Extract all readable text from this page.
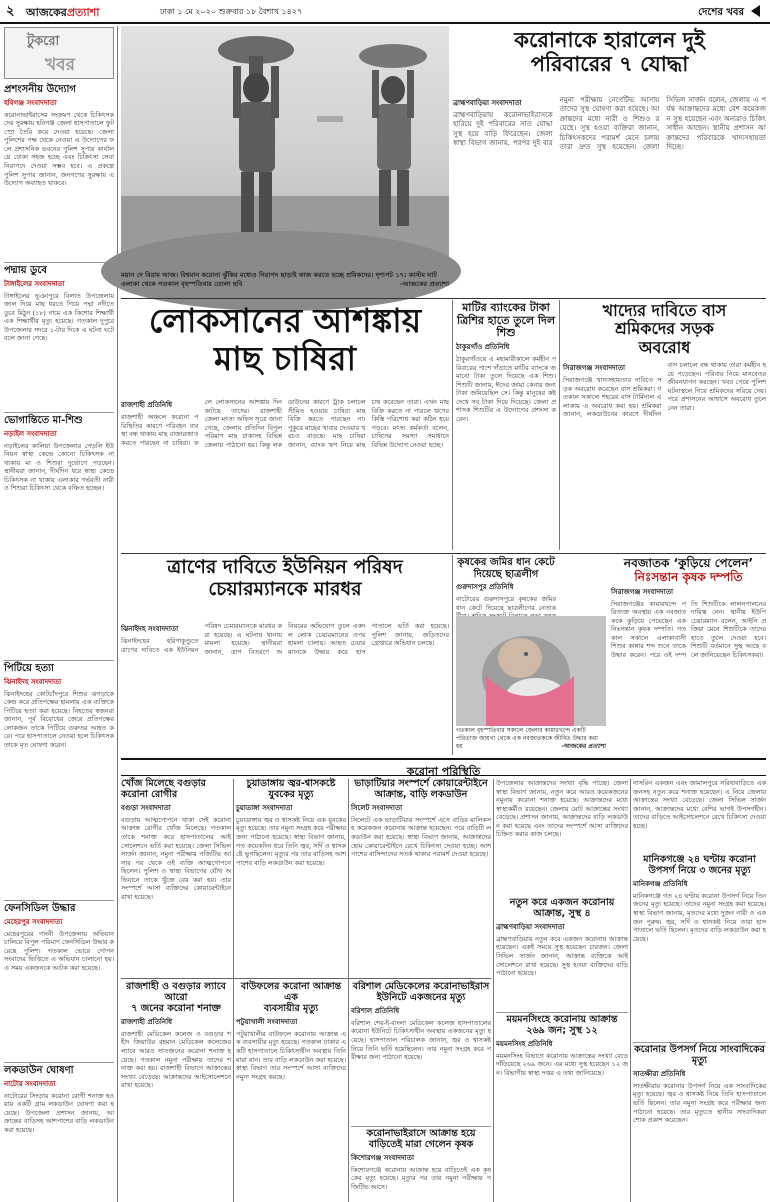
২	আজকেরপ্রত্যাশা	ঢাকা ১ মে ২০২০ শুক্রবার ১৮ বৈশাখ ১৪২৭	দেশের খবর
টুকরো
খবর
প্রশংসনীয় উদ্যোগ
হবিগঞ্জ সংবাদদাতা
করোনাভাইরাসের সংক্রমণ থেকে চিকিৎসকদের সুরক্ষায় হবিগঞ্জ জেলা হাসপাতালে ফুট স্প্রে তৈরি করে দেওয়া হয়েছে। জেলা পুলিশের পক্ষ থেকে নেওয়া এ উদ্যোগের ফলে প্রশাসনিক ভবনের পুলিশ সুপার কার্যালয়ে ঢোকা সহজ হচ্ছে এবং চিকিৎসা সেবা নিরাপদে দেওয়া সম্ভব হবে। এ প্রকল্পে পুলিশ সুপার জানান, জনগণের সুরক্ষায় এ উদ্যোগ অব্যাহত থাকবে।
পদ্মায় ডুবে
টাঙ্গাইলের সংবাদদাতা
টাঙ্গাইলের ভূঞাপুরে বিলাত উপজেলায় জাল দিয়ে মাছ ধরতে গিয়ে পদ্মা নদীতে ডুবে মিঠুন (১৮) নামে এক কিশোর শিক্ষার্থী এক শিক্ষার্থীর মৃত্যু হয়েছে। গতকাল দুপুরে উপজেলার সদরে ১-টার দিকে এ ঘটনা ঘটে বলে জানা গেছে।
ভোগান্তিতে মা-শিশু
নড়াইল সংবাদদাতা
নড়াইলের কালিয়া উপজেলার পেড়লি ইউনিয়ন স্বাস্থ্য কেন্দ্রে কোনো চিকিৎসক না থাকায় মা ও শিশুরা দুর্ভোগে পড়ছেন। স্থানীয়রা জানান, দীর্ঘদিন ধরে স্বাস্থ্য কেন্দ্রে চিকিৎসক না থাকায় এলাকার গর্ভবতী নারী ও শিশুরা চিকিৎসা থেকে বঞ্চিত হচ্ছেন।
পিটিয়ে হত্যা
ঝিনাইদহ সংবাদদাতা
ঝিনাইদহের কোটচাঁদপুরে শিশুর ঝগড়াকে কেন্দ্র করে প্রতিপক্ষের হামলায় এক ব্যক্তিকে পিটিয়ে হত্যা করা হয়েছে। নিহতের স্বজনরা জানান, পূর্ব বিরোধের জেরে প্রতিপক্ষের লোকজন তাকে পিটিয়ে গুরুতর আহত করে। পরে হাসপাতালে নেওয়া হলে চিকিৎসক তাকে মৃত ঘোষণা করেন।
ফেনসিডিল উদ্ধার
মেহেরপুর সংবাদদাতা
মেহেরপুরের গাংনী উপজেলায় অভিযান চালিয়ে বিপুল পরিমাণ ফেনসিডিল উদ্ধার করেছে পুলিশ। গতকাল ভোরে গোপন সংবাদের ভিত্তিতে এ অভিযান চালানো হয়। এ সময় একজনকে আটক করা হয়েছে।
লকডাউন ঘোষণা
নাটোর সংবাদদাতা
নাটোরের সিংড়ায় করোনা রোগী শনাক্ত হওয়ায় একটি গ্রাম লকডাউন ঘোষণা করা হয়েছে। উপজেলা প্রশাসন জানায়, আক্রান্তের বাড়িসহ আশপাশের বাড়ি লকডাউন করা হয়েছে।
ময়ান দে বিরাম আজ। বিশ্বমান করোনা ঝুঁকির মধ্যেও নিরাপদ ছাড়াই কাজ করতে হচ্ছে শ্রমিকদের। দৃশ্যপট ১৭: কাস্টম ঘাট এলাকা থেকে গতকাল বৃহস্পতিবার তোলা ছবি	-আজকের প্রত্যাশা
করোনাকে হারালেন দুই
পরিবারের ৭ যোদ্ধা
ব্রাহ্মণবাড়িয়া সংবাদদাতা
ব্রাহ্মণবাড়িয়ায় করোনাভাইরাসকে হারিয়ে দুই পরিবারের সাত যোদ্ধা সুস্থ হয়ে বাড়ি ফিরেছেন। জেলা স্বাস্থ্য বিভাগ জানায়, পরপর দুই বার নমুনা পরীক্ষায় নেগেটিভ আসায় তাদের সুস্থ ঘোষণা করা হয়েছে। আক্রান্তদের মধ্যে নারী ও শিশুও রয়েছে। সুস্থ হওয়া ব্যক্তিরা জানান, চিকিৎসকদের পরামর্শ মেনে চলায় তারা দ্রুত সুস্থ হয়েছেন। জেলা সিভিল সার্জন বলেন, জেলায় এ পর্যন্ত আক্রান্তদের মধ্যে বেশ কয়েকজন সুস্থ হয়েছেন এবং অন্যরাও চিকিৎসাধীন আছেন। স্থানীয় প্রশাসন আক্রান্তদের পরিবারকে খাদ্যসহায়তা দিচ্ছে।
লোকসানের আশঙ্কায়
মাছ চাষিরা
রাজশাহী প্রতিনিধি
রাজশাহী অঞ্চলে করোনা পরিস্থিতির কারণে পরিবহন ব্যবস্থা বন্ধ থাকায় মাছ বাজারজাত করতে পারছেন না চাষিরা। ফলে লোকসানের আশঙ্কায় দিন কাটছে তাদের। রাজশাহী জেলা মৎস্য অফিস সূত্রে জানা গেছে, জেলায় প্রতিদিন বিপুল পরিমাণ মাছ ঢাকাসহ বিভিন্ন জেলায় পাঠানো হয়। কিন্তু লকডাউনের কারণে ট্রাক চলাচল সীমিত হওয়ায় চাষিরা মাছ বিক্রি করতে পারছেন না। পুকুরে মাছের খাবার দেওয়ার খরচও বাড়ছে। মাছ চাষিরা জানান, ব্যাংক ঋণ নিয়ে মাছ চাষ করেছেন তারা। এখন মাছ বিক্রি করতে না পারলে ঋণের কিস্তি পরিশোধ করা কঠিন হয়ে পড়বে। মৎস্য কর্মকর্তা বলেন, চাষিদের সমস্যা সমাধানে বিভিন্ন উদ্যোগ নেওয়া হচ্ছে।
মাটির ব্যাংকের টাকা ত্রিশির হাতে তুলে দিল শিশু
ঠাকুরগাঁও প্রতিনিধি
ঠাকুরগাঁওয়ে এ মহামারীকালে কর্মহীন পরিবারের পাশে দাঁড়াতে মাটির ব্যাংকে জমানো টাকা তুলে দিয়েছে এক শিশু। শিশুটি জানায়, ঈদের জামা কেনার জন্য টাকা জমিয়েছিল সে। কিন্তু মানুষের কষ্ট দেখে সব টাকা দিয়ে দিয়েছে। জেলা প্রশাসক শিশুটির এ উদ্যোগের প্রশংসা করেন।
খাদ্যের দাবিতে বাস
শ্রমিকদের সড়ক
অবরোধ
সিরাজগঞ্জ সংবাদদাতা
সিরাজগঞ্জে খাদ্যসহায়তার দাবিতে সড়ক অবরোধ করেছেন বাস শ্রমিকরা। গতকাল সকালে শহরের বাস টার্মিনাল এলাকায় এ অবরোধ করা হয়। শ্রমিকরা জানান, লকডাউনের কারণে দীর্ঘদিন বাস চলাচল বন্ধ থাকায় তারা কর্মহীন হয়ে পড়েছেন। পরিবার নিয়ে মানবেতর জীবনযাপন করছেন। খবর পেয়ে পুলিশ ঘটনাস্থলে গিয়ে শ্রমিকদের সরিয়ে দেয়। পরে প্রশাসনের আশ্বাসে অবরোধ তুলে নেন তারা।
ত্রাণের দাবিতে ইউনিয়ন পরিষদ
চেয়ারম্যানকে মারধর
ঝিনাইদহ সংবাদদাতা
ঝিনাইদহের হরিণাকুণ্ডুতে ত্রাণের দাবিতে এক ইউনিয়ন পরিষদ চেয়ারম্যানকে মারধর করা হয়েছে। এ ঘটনায় থানায় মামলা হয়েছে। স্থানীয়রা জানান, ত্রাণ বিতরণে অনিয়মের অভিযোগ তুলে একদল লোক চেয়ারম্যানের ওপর হামলা চালায়। আহত চেয়ারম্যানকে উদ্ধার করে হাসপাতালে ভর্তি করা হয়েছে। পুলিশ জানায়, জড়িতদের গ্রেপ্তারে অভিযান চলছে।
কৃষকের জমির ধান কেটে দিয়েছে ছাত্রলীগ
গুরুদাসপুর প্রতিনিধি
নাটোরের গুরুদাসপুরে কৃষকের জমির ধান কেটে দিয়েছে ছাত্রলীগের নেতাক
গতকাল বৃহস্পতিবার সকালে জেলার কামারখন্দে একটি পরিত্যক্ত জায়গা থেকে এক নবজাতককে জীবিত উদ্ধার করা হয়	-আজকের প্রত্যাশা
নবজাতক ‘কুড়িয়ে পেলেন’
নিঃসন্তান কৃষক দম্পতি
সিরাজগঞ্জ সংবাদদাতা
সিরাজগঞ্জের কামারখন্দে পরিত্যক্ত অবস্থায় এক নবজাতককে কুড়িয়ে পেয়েছেন এক নিঃসন্তান কৃষক দম্পতি। গতকাল সকালে এলাকাবাসী শিশুর কান্নার শব্দ শুনে তাকে উদ্ধার করেন। পরে ওই দম্পতি শিশুটিকে লালনপালনের দায়িত্ব নেন। স্থানীয় ইউপি চেয়ারম্যান বলেন, আইনি প্রক্রিয়া মেনে শিশুটিকে তাদের হাতে তুলে দেওয়া হবে। শিশুটি বর্তমানে সুস্থ আছে বলে জানিয়েছেন চিকিৎসকরা।
করোনা পরিস্থিতি
খোঁজ মিলেছে বগুড়ার করোনা রোগীর
বগুড়া সংবাদদাতা
বগুড়ায় আত্মগোপনে থাকা সেই করোনা আক্রান্ত রোগীর খোঁজ মিলেছে। গতকাল তাকে শনাক্ত করে হাসপাতালের আইসোলেশনে ভর্তি করা হয়েছে। জেলা সিভিল সার্জন জানান, নমুনা পরীক্ষায় পজিটিভ আসার পর থেকে ওই ব্যক্তি আত্মগোপনে ছিলেন। পুলিশ ও স্বাস্থ্য বিভাগের যৌথ অভিযানে তাকে খুঁজে বের করা হয়। তার সংস্পর্শে আসা ব্যক্তিদের কোয়ারেন্টাইনে রাখা হয়েছে।
চুয়াডাঙ্গায় জ্বর-শ্বাসকষ্টে যুবকের মৃত্যু
চুয়াডাঙ্গা সংবাদদাতা
চুয়াডাঙ্গায় জ্বর ও শ্বাসকষ্ট নিয়ে এক যুবকের মৃত্যু হয়েছে। তার নমুনা সংগ্রহ করে পরীক্ষার জন্য পাঠানো হয়েছে। স্বাস্থ্য বিভাগ জানায়, গত কয়েকদিন ধরে তিনি জ্বর, সর্দি ও শ্বাসকষ্টে ভুগছিলেন। মৃত্যুর পর তার বাড়িসহ আশপাশের বাড়ি লকডাউন করা হয়েছে।
ভাড়াটিয়ার সংস্পর্শে কোয়ারেন্টাইনে আক্রান্ত, বাড়ি লকডাউন
সিলেট সংবাদদাতা
সিলেটে এক ভাড়াটিয়ার সংস্পর্শে এসে বাড়ির মালিকসহ কয়েকজন করোনায় আক্রান্ত হয়েছেন। পরে বাড়িটি লকডাউন করা হয়েছে। স্বাস্থ্য বিভাগ জানায়, আক্রান্তদের হোম কোয়ারেন্টাইনে রেখে চিকিৎসা দেওয়া হচ্ছে। আশপাশের বাসিন্দাদের সতর্ক থাকার পরামর্শ দেওয়া হয়েছে।
উপজেলার আক্রান্তদের সংখ্যা বৃদ্ধি পাচ্ছে। জেলা স্বাস্থ্য বিভাগ জানায়, নতুন করে আরও কয়েকজনের নমুনায় করোনা শনাক্ত হয়েছে। আক্রান্তদের মধ্যে স্বাস্থ্যকর্মীও রয়েছেন। জেলায় মোট আক্রান্তের সংখ্যা বেড়েছে। প্রশাসন জানায়, আক্রান্তদের বাড়ি লকডাউন করা হয়েছে এবং তাদের সংস্পর্শে আসা ব্যক্তিদের চিহ্নিত করার কাজ চলছে।
নাসরিন একজন এবং জামালপুরে সরিষাবাড়িতে একজনসহ নতুন করে শনাক্ত হয়েছেন। এ নিয়ে জেলায় আক্রান্তের সংখ্যা বেড়েছে। জেলা সিভিল সার্জন জানান, আক্রান্তদের মধ্যে বেশির ভাগই উপসর্গহীন। তাদের বাড়িতে আইসোলেশনে রেখে চিকিৎসা দেওয়া হচ্ছে।
মানিকগঞ্জে ২৪ ঘণ্টায় করোনা
উপসর্গ নিয়ে ৩ জনের মৃত্যু
মানিকগঞ্জ প্রতিনিধি
মানিকগঞ্জে গত ২৪ ঘণ্টায় করোনা উপসর্গ নিয়ে তিনজনের মৃত্যু হয়েছে। তাদের নমুনা সংগ্রহ করা হয়েছে। স্বাস্থ্য বিভাগ জানায়, মৃতদের মধ্যে দুজন নারী ও একজন পুরুষ। জ্বর, সর্দি ও শ্বাসকষ্ট নিয়ে তারা হাসপাতালে ভর্তি ছিলেন। মৃতদের বাড়ি লকডাউন করা হয়েছে।
নতুন করে একজন করোনায়
আক্রান্ত, সুস্থ ৪
ব্রাহ্মণবাড়িয়া সংবাদদাতা
ব্রাহ্মণবাড়িয়ায় নতুন করে একজন করোনায় আক্রান্ত হয়েছেন। একই সময়ে সুস্থ হয়েছেন চারজন। জেলা সিভিল সার্জন জানান, আক্রান্ত ব্যক্তিকে আইসোলেশনে রাখা হয়েছে। সুস্থ হওয়া ব্যক্তিদের বাড়ি পাঠানো হয়েছে।
রাজশাহী ও বগুড়ার ল্যাবে আরো
৭ জনের করোনা শনাক্ত
রাজশাহী প্রতিনিধি
রাজশাহী মেডিকেল কলেজ ও বগুড়ার শহীদ জিয়াউর রহমান মেডিকেল কলেজের ল্যাবে আরও সাতজনের করোনা শনাক্ত হয়েছে। গতকাল নমুনা পরীক্ষায় তাদের শনাক্ত করা হয়। রাজশাহী বিভাগে আক্রান্তের সংখ্যা বেড়েছে। আক্রান্তদের আইসোলেশনে রাখা হয়েছে।
বাউফলের করোনা আক্রান্ত এক
ব্যবসায়ীর মৃত্যু
পটুয়াখালী সংবাদদাতা
পটুয়াখালীর বাউফলে করোনায় আক্রান্ত এক ব্যবসায়ীর মৃত্যু হয়েছে। গতকাল ঢাকার একটি হাসপাতালে চিকিৎসাধীন অবস্থায় তিনি মারা যান। তার বাড়ি লকডাউন করা হয়েছে। স্বাস্থ্য বিভাগ তার সংস্পর্শে আসা ব্যক্তিদের নমুনা সংগ্রহ করছে।
বরিশাল মেডিকেলের করোনাভাইরাস
ইউনিটে একজনের মৃত্যু
বরিশাল প্রতিনিধি
বরিশাল শের-ই-বাংলা মেডিকেল কলেজ হাসপাতালের করোনা ইউনিটে চিকিৎসাধীন অবস্থায় একজনের মৃত্যু হয়েছে। হাসপাতাল পরিচালক জানান, জ্বর ও শ্বাসকষ্ট নিয়ে তিনি ভর্তি হয়েছিলেন। তার নমুনা সংগ্রহ করে পরীক্ষার জন্য পাঠানো হয়েছে।
করোনাভাইরাসে আক্রান্ত হয়ে
বাড়িতেই মারা গেলেন কৃষক
কিশোরগঞ্জ সংবাদদাতা
কিশোরগঞ্জে করোনায় আক্রান্ত হয়ে বাড়িতেই এক কৃষকের মৃত্যু হয়েছে। মৃত্যুর পর তার নমুনা পরীক্ষায় পজিটিভ আসে।
ময়মনসিংহে করোনায় আক্রান্ত
২৬৯ জন; সুস্থ ১২
ময়মনসিংহ প্রতিনিধি
ময়মনসিংহ বিভাগে করোনায় আক্রান্তের সংখ্যা বেড়ে দাঁড়িয়েছে ২৬৯ জনে। এর মধ্যে সুস্থ হয়েছেন ১২ জন। বিভাগীয় স্বাস্থ্য দপ্তর এ তথ্য জানিয়েছে।
করোনার উপসর্গ নিয়ে সাংবাদিকের মৃত্যু
সাতক্ষীরা প্রতিনিধি
সাতক্ষীরায় করোনার উপসর্গ নিয়ে এক সাংবাদিকের মৃত্যু হয়েছে। জ্বর ও শ্বাসকষ্ট নিয়ে তিনি হাসপাতালে ভর্তি ছিলেন। তার নমুনা সংগ্রহ করে পরীক্ষার জন্য পাঠানো হয়েছে। তার মৃত্যুতে স্থানীয় সাংবাদিকরা শোক প্রকাশ করেছেন।
